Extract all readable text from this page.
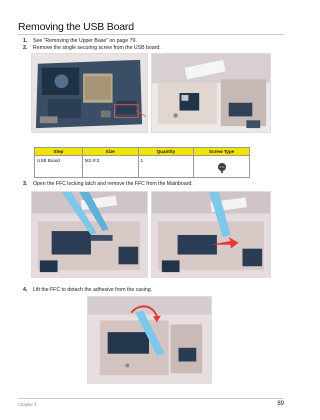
Removing the USB Board
1. See “Removing the Upper Base” on page 79.
2. Remove the single securing screw from the USB board.
Step	Size	Quantity	Screw Type
USB Board	M2.5*3	1	
3. Open the FFC locking latch and remove the FFC from the Mainboard.
4. Lift the FFC to detach the adhesive from the casing.
Chapter 3	89
